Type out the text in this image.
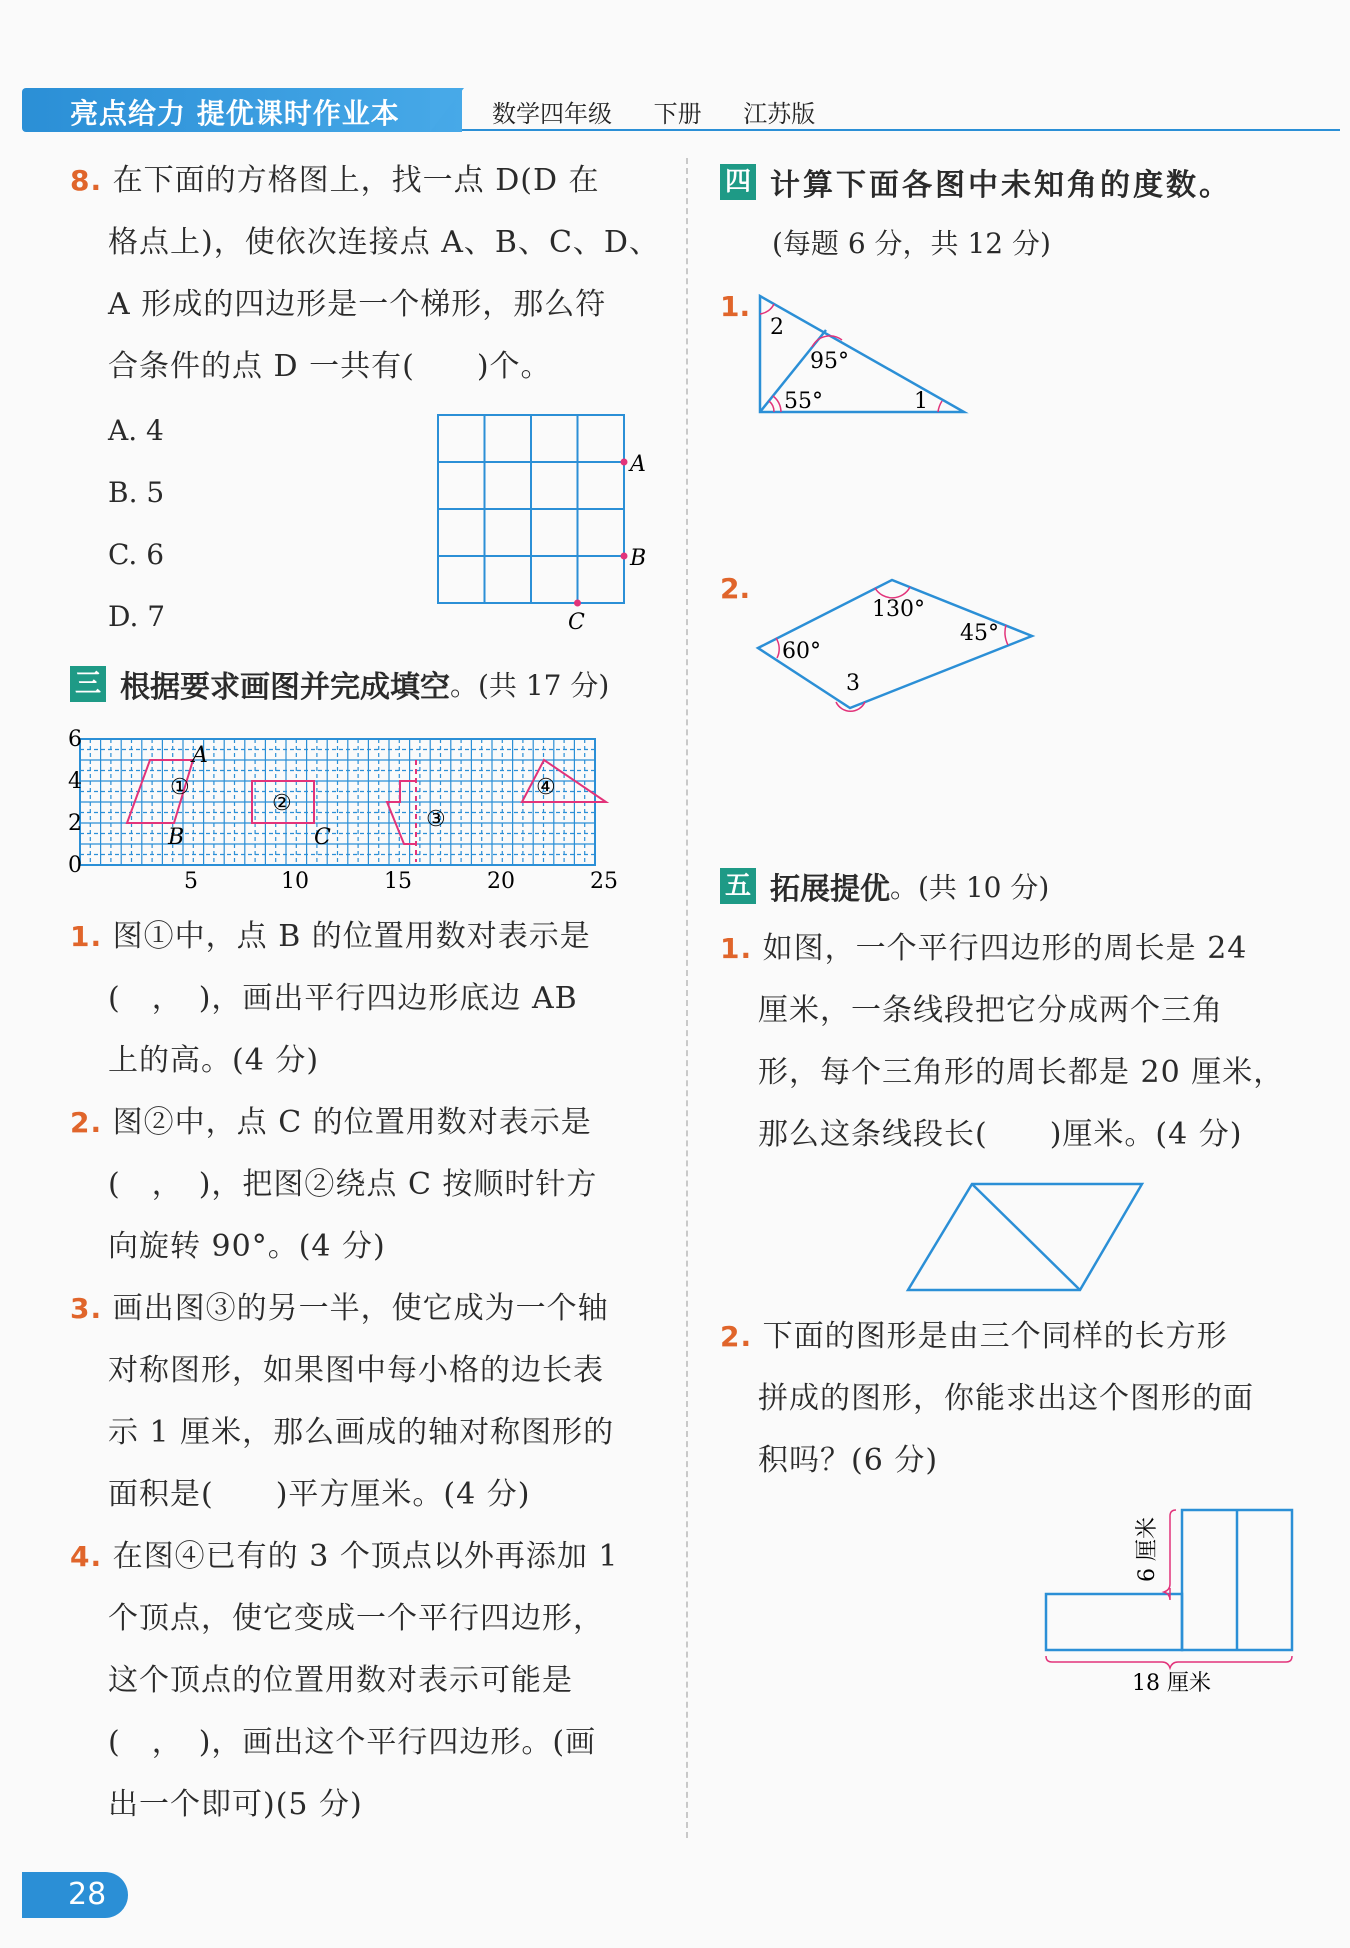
亮点给力 提优课时作业本	数学四年级 下册 江苏版
8. 在下面的方格图上，找一点 D(D 在
格点上)，使依次连接点 A、B、C、D、
A 形成的四边形是一个梯形，那么符
合条件的点 D 一共有(　　)个。
A. 4
B. 5
C. 6
D. 7
A
B
C
三 根据要求画图并完成填空。(共 17 分)
6
4
2
0
5	10	15	20	25
①
②
③
④
A
B	C
1. 图①中，点 B 的位置用数对表示是
(　，　)，画出平行四边形底边 AB
上的高。(4 分)
2. 图②中，点 C 的位置用数对表示是
(　，　)，把图②绕点 C 按顺时针方
向旋转 90°。(4 分)
3. 画出图③的另一半，使它成为一个轴
对称图形，如果图中每小格的边长表
示 1 厘米，那么画成的轴对称图形的
面积是(　　)平方厘米。(4 分)
4. 在图④已有的 3 个顶点以外再添加 1
个顶点，使它变成一个平行四边形，
这个顶点的位置用数对表示可能是
(　，　)，画出这个平行四边形。(画
出一个即可)(5 分)
四 计算下面各图中未知角的度数。
(每题 6 分，共 12 分)
1.
2
95°
55°	1
2.
130°
45°
60°
3
五 拓展提优。(共 10 分)
1. 如图，一个平行四边形的周长是 24
厘米，一条线段把它分成两个三角
形，每个三角形的周长都是 20 厘米，
那么这条线段长(　　)厘米。(4 分)
2. 下面的图形是由三个同样的长方形
拼成的图形，你能求出这个图形的面
积吗？(6 分)
6 厘米
18 厘米
28
